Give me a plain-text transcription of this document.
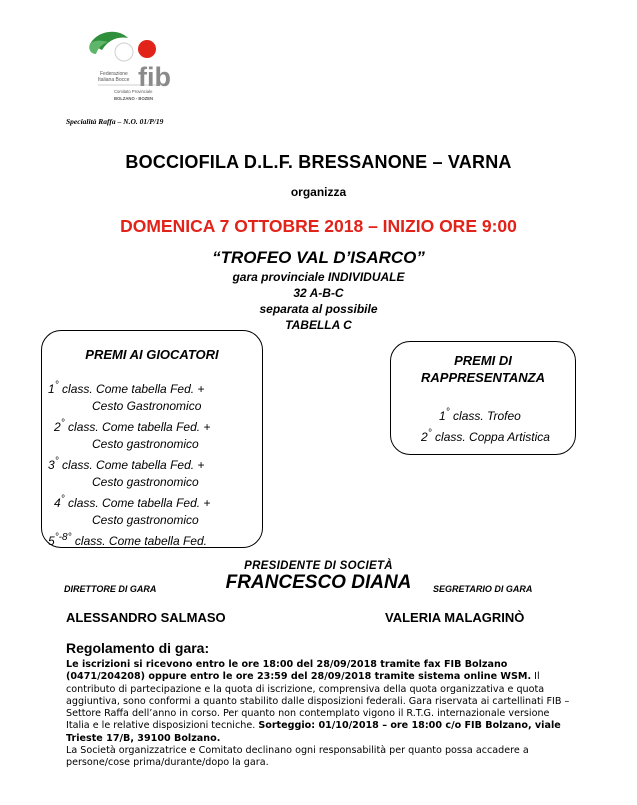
fib
Federazione
Italiana Bocce
Comitato Provinciale
BOLZANO - BOZEN
Specialità Raffa – N.O. 01/P/19
BOCCIOFILA D.L.F. BRESSANONE – VARNA
organizza
DOMENICA 7 OTTOBRE 2018 – INIZIO ORE 9:00
“TROFEO VAL D’ISARCO”
gara provinciale INDIVIDUALE
32 A-B-C
separata al possibile
TABELLA C
PREMI AI GIOCATORI
1° class. Come tabella Fed. +
Cesto Gastronomico
2° class. Come tabella Fed. +
Cesto gastronomico
3° class. Come tabella Fed. +
Cesto gastronomico
4° class. Come tabella Fed. +
Cesto gastronomico
$5^{^\circ-8^\circ}$ class. Come tabella Fed.
PREMI DI
RAPPRESENTANZA
1° class. Trofeo
2° class. Coppa Artistica
PRESIDENTE DI SOCIETÀ
DIRETTORE DI GARA	FRANCESCO DIANA	SEGRETARIO DI GARA
ALESSANDRO SALMASO	VALERIA MALAGRINÒ
Regolamento di gara:
Le iscrizioni si ricevono entro le ore 18:00 del 28/09/2018 tramite fax FIB Bolzano (0471/204208) oppure entro le ore 23:59 del 28/09/2018 tramite sistema online WSM. Il contributo di partecipazione e la quota di iscrizione, comprensiva della quota organizzativa e quota aggiuntiva, sono conformi a quanto stabilito dalle disposizioni federali. Gara riservata ai cartellinati FIB – Settore Raffa dell’anno in corso. Per quanto non contemplato vigono il R.T.G. internazionale versione Italia e le relative disposizioni tecniche. Sorteggio: 01/10/2018 – ore 18:00 c/o FIB Bolzano, viale Trieste 17/B, 39100 Bolzano.
La Società organizzatrice e Comitato declinano ogni responsabilità per quanto possa accadere a persone/cose prima/durante/dopo la gara.
